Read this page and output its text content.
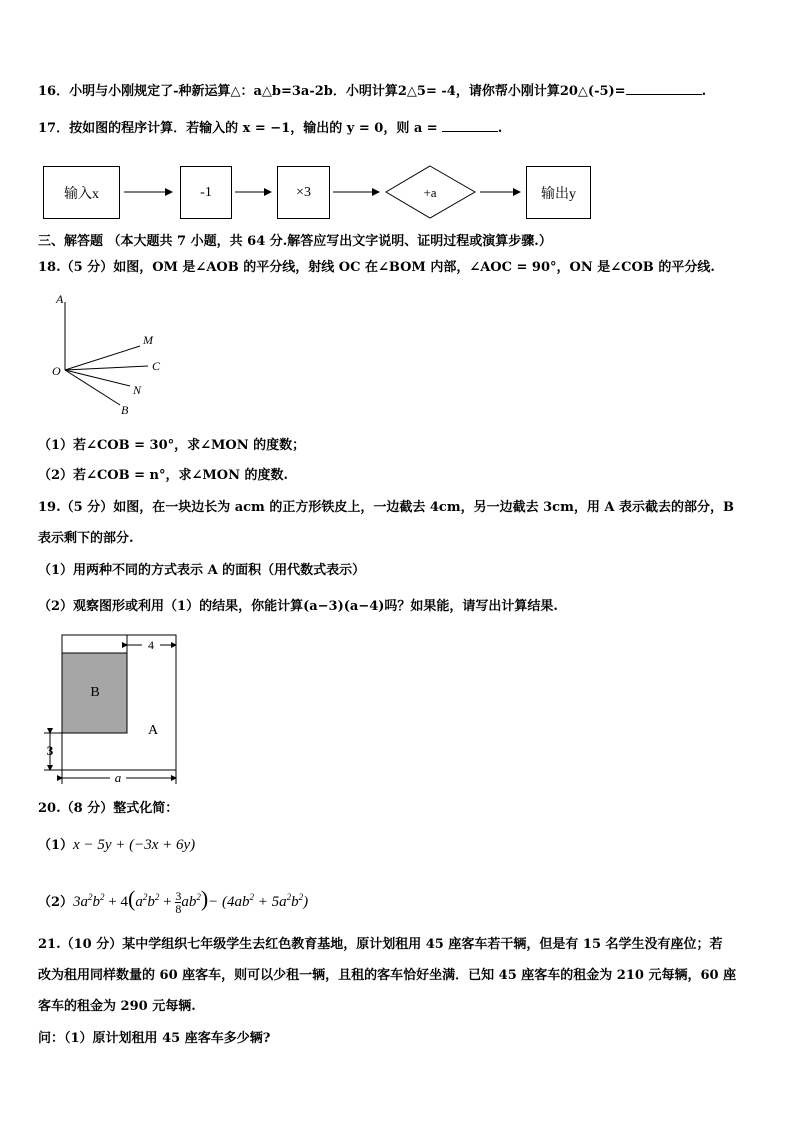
16．小明与小刚规定了-种新运算△：a△b=3a-2b．小明计算2△5= -4，请你帮小刚计算20△(-5)=	.
17．按如图的程序计算．若输入的 x = −1，输出的 y = 0，则 a =	.
输入x	-1	×3	输出y
+a
三、解答题 （本大题共 7 小题，共 64 分.解答应写出文字说明、证明过程或演算步骤.）
18.（5 分）如图，OM 是∠AOB 的平分线，射线 OC 在∠BOM 内部，∠AOC = 90°，ON 是∠COB 的平分线.
A
M
C
O
N
B
（1）若∠COB = 30°，求∠MON 的度数；
（2）若∠COB = n°，求∠MON 的度数.
19.（5 分）如图，在一块边长为 acm 的正方形铁皮上，一边截去 4cm，另一边截去 3cm，用 A 表示截去的部分，B
表示剩下的部分.
（1）用两种不同的方式表示 A 的面积（用代数式表示）
（2）观察图形或利用（1）的结果，你能计算(a−3)(a−4)吗？如果能，请写出计算结果.
4
3
a
B
A
20.（8 分）整式化简：
（1）x − 5y + (−3x + 6y)
$(2)3a^2b^2 + 4(a^2b^2 + \frac{3}{8} ab^2)- (4ab^2 + 5a^2b^2)$
21.（10 分）某中学组织七年级学生去红色教育基地，原计划租用 45 座客车若干辆，但是有 15 名学生没有座位；若
改为租用同样数量的 60 座客车，则可以少租一辆，且租的客车恰好坐满．已知 45 座客车的租金为 210 元每辆，60 座
客车的租金为 290 元每辆.
问：（1）原计划租用 45 座客车多少辆?
